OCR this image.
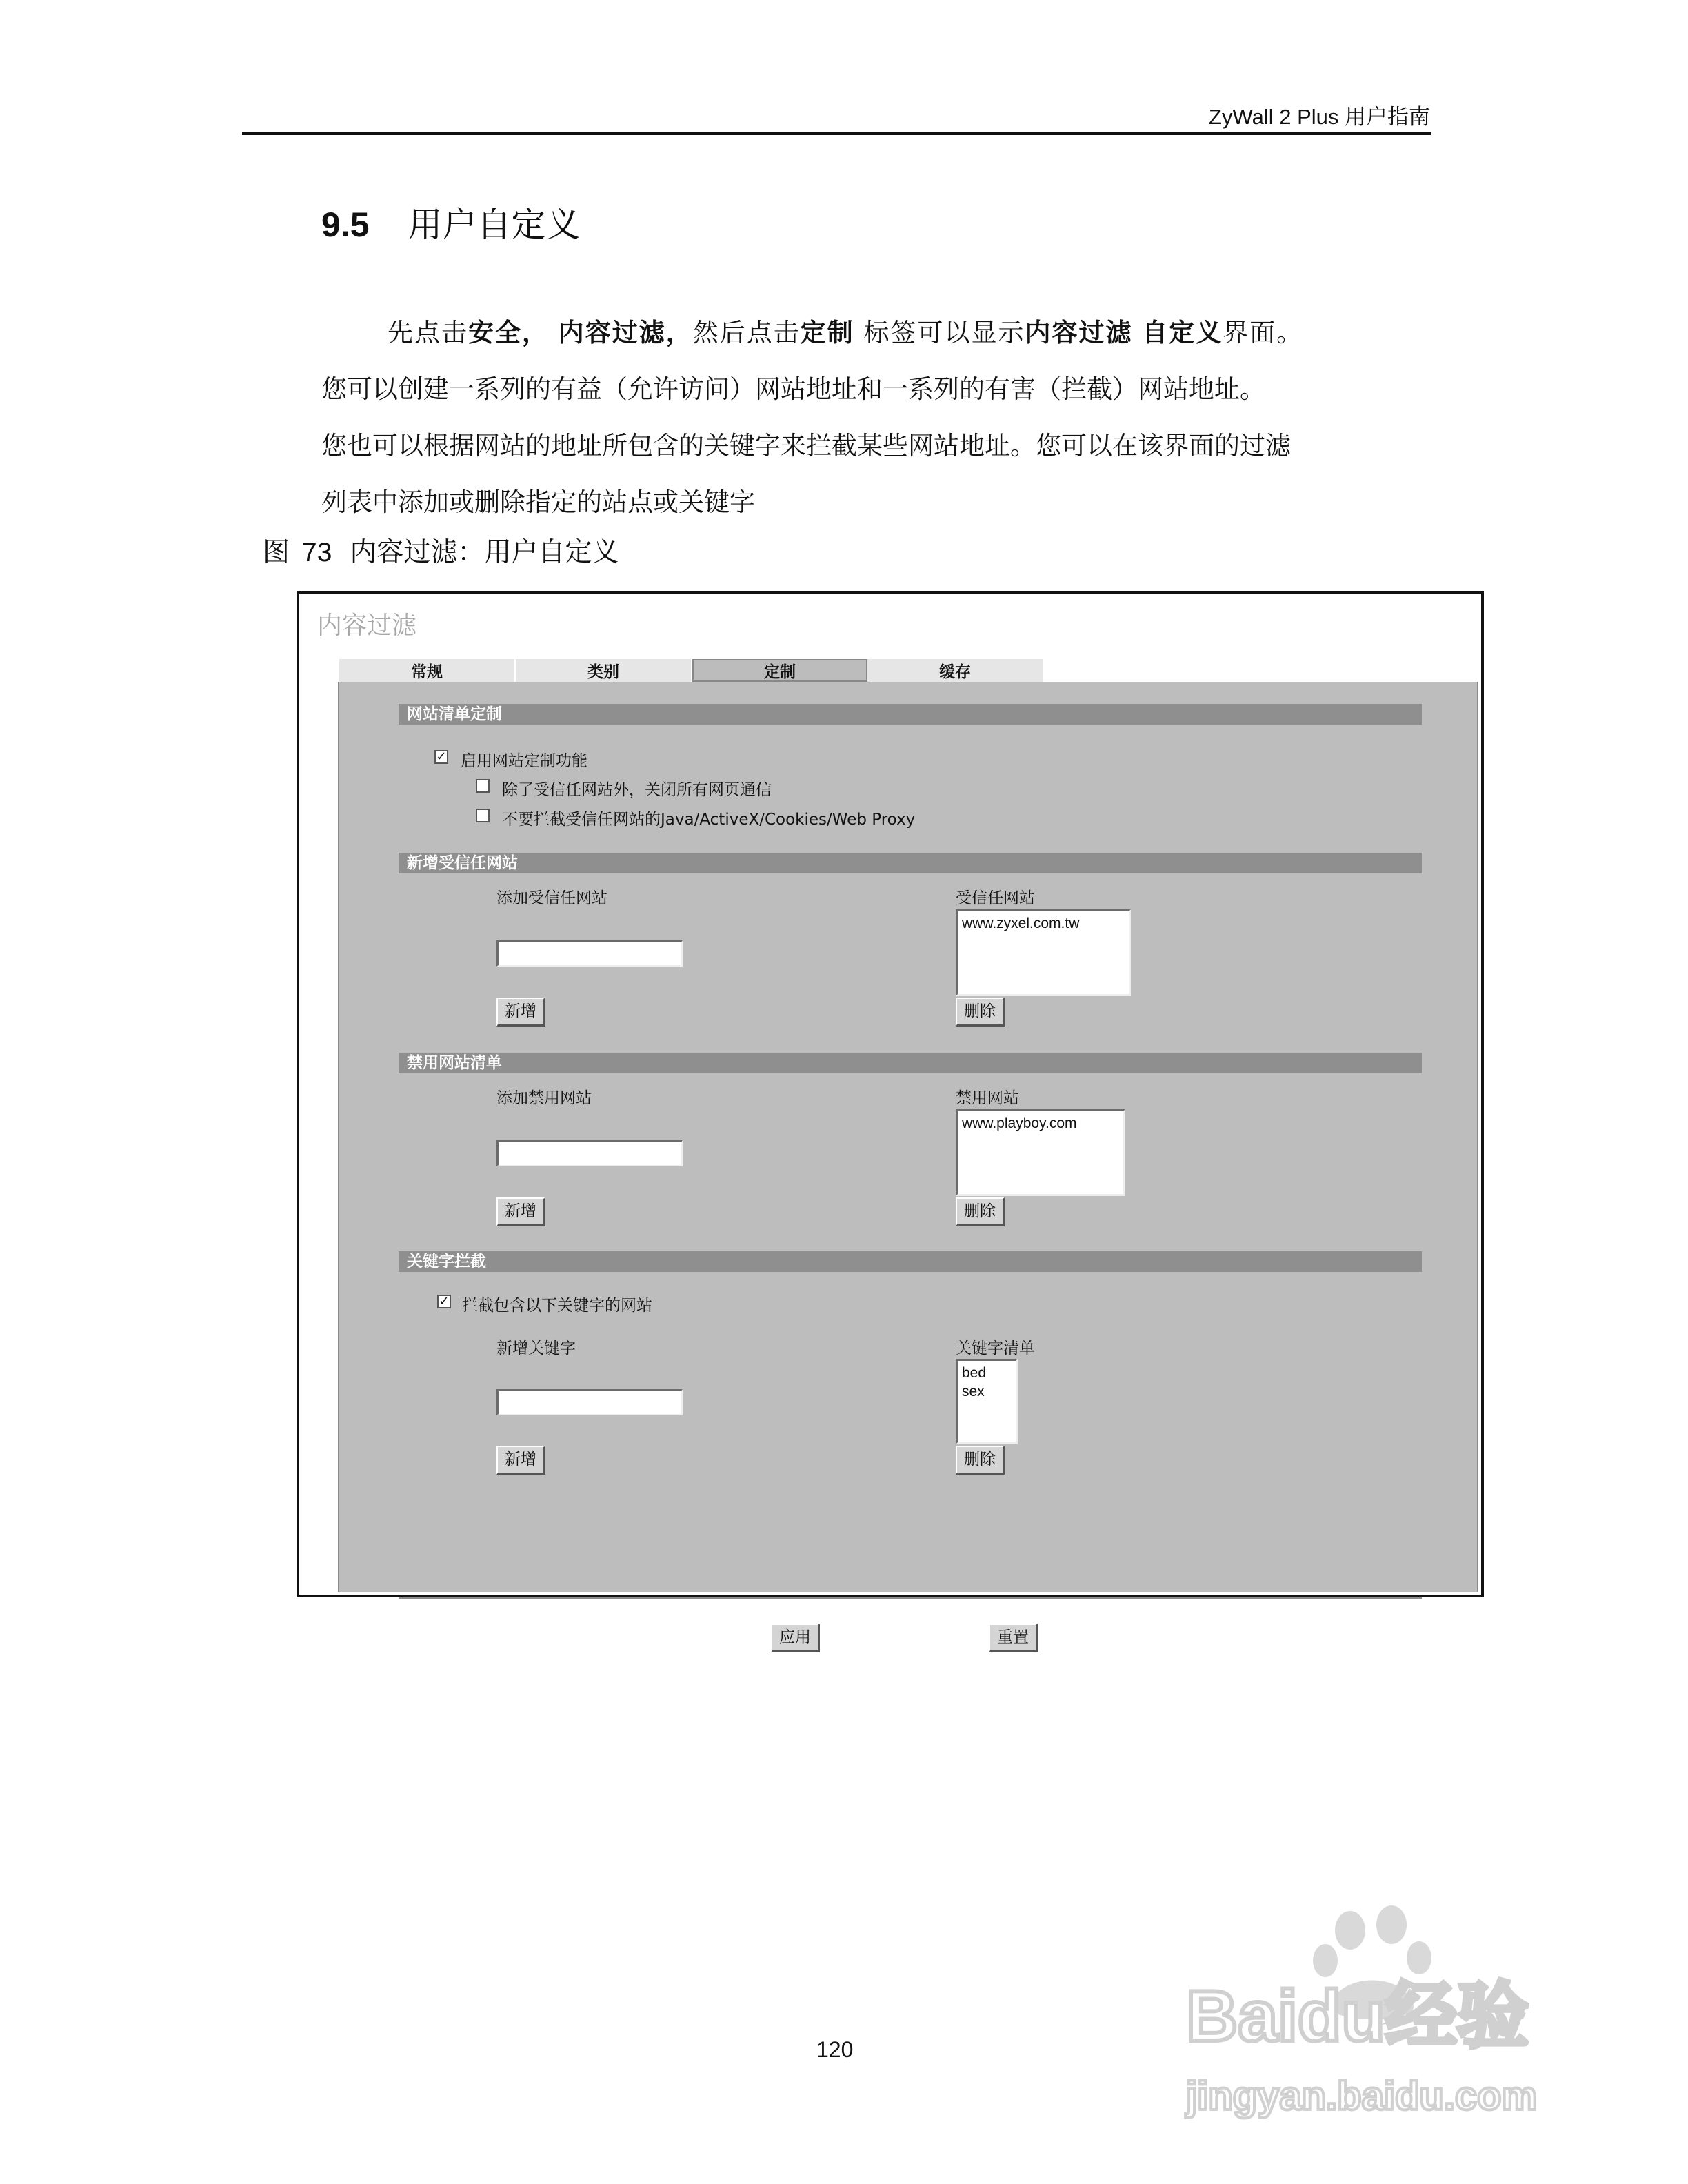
ZyWall 2 Plus 用户指南
9.5 用户自定义
先点击安全， 内容过滤，然后点击定制 标签可以显示内容过滤 自定义界面。
您可以创建一系列的有益（允许访问）网站地址和一系列的有害（拦截）网站地址。
您也可以根据网站的地址所包含的关键字来拦截某些网站地址。您可以在该界面的过滤
列表中添加或删除指定的站点或关键字
图 73 内容过滤：用户自定义
内容过滤
常规	类别	定制	缓存
网站清单定制
✓ 启用网站定制功能
除了受信任网站外，关闭所有网页通信
不要拦截受信任网站的Java/ActiveX/Cookies/Web Proxy
新增受信任网站
添加受信任网站
新增
受信任网站
www.zyxel.com.tw
删除
禁用网站清单
添加禁用网站
新增
禁用网站
www.playboy.com
删除
关键字拦截
✓ 拦截包含以下关键字的网站
新增关键字
新增
关键字清单
bed
sex
删除
应用	重置
120	Baidu经验
jingyan.baidu.com
